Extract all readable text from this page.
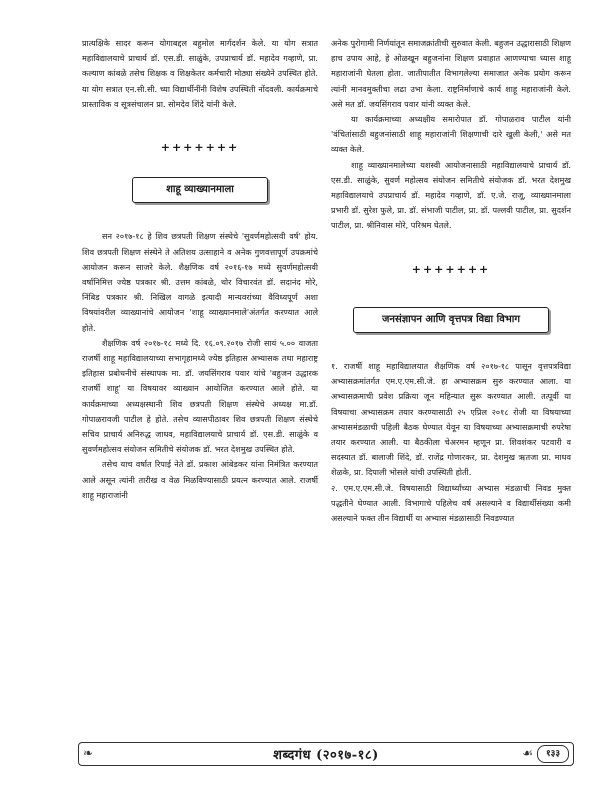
प्रात्यक्षिके सादर करून योगाबद्दल बहुमोल मार्गदर्शन केले. या योग सत्रात महाविद्यालयाचे प्राचार्य डॉ. एस.डी. साळुंके, उपप्राचार्य डॉ. महादेव गव्हाणे, प्रा. कल्याण कांबळे तसेच शिक्षक व शिक्षकेतर कर्मचारी मोठ्या संख्येने उपस्थित होते. या योग सत्रात एन.सी.सी. च्या विद्यार्थीनींनी विशेष उपस्थिती नोंदवली. कार्यक्रमाचे प्रास्ताविक व सूत्रसंचालन प्रा. सोमदेव शिंदे यांनी केले.

+++++++
शाहू व्याख्यानमाला

सन २०१७-१८ हे शिव छत्रपती शिक्षण संस्थेचे 'सुवर्णमहोत्सवी वर्ष' होय. शिव छत्रपती शिक्षण संस्थेने ते अतिशय उत्साहाने व अनेक गुणवत्तापूर्ण उपक्रमांचे आयोजन करून साजरे केले. शैक्षणिक वर्ष २०१६-१७ मध्ये सुवर्णमहोत्सवी वर्षानिमित्त ज्येष्ठ पत्रकार श्री. उत्तम कांबळे, थोर विचारवंत डॉ. सदानंद मोरे, निंबिड पत्रकार श्री. निखिल वागळे इत्यादी मान्यवरांच्या वैविध्यपूर्ण अशा विषयांवरील व्याख्यानांचे आयोजन 'शाहू व्याख्यानमाले'अंतर्गत करण्यात आले होते.

शैक्षणिक वर्ष २०१७-१८ मध्ये दि. १६.०९.२०१७ रोजी सायं ५.०० वाजता राजर्षी शाहू महाविद्यालयाच्या सभागृहामध्ये ज्येष्ठ इतिहास अभ्यासक तथा महाराष्ट्र इतिहास प्रबोधनीचे संस्थापक मा. डॉ. जयसिंगराव पवार यांचे 'बहुजन उद्धारक राजर्षी शाहू' या विषयावर व्याख्यान आयोजित करण्यात आले होते. या कार्यक्रमाच्या अध्यक्षस्थानी शिव छत्रपती शिक्षण संस्थेचे अध्यक्ष मा.डॉ. गोपाळरावजी पाटील हे होते. तसेच व्यासपीठावर शिव छत्रपती शिक्षण संस्थेचे सचिव प्राचार्य अनिरुद्ध जाधव, महाविद्यालयाचे प्राचार्य डॉ. एस.डी. साळुंके व सुवर्णमहोत्सव संयोजन समितीचे संयोजक डॉ. भरत देशमुख उपस्थित होते.

तसेच याच वर्षात रिपाई नेते डॉ. प्रकाश आंबेडकर यांना निमंत्रित करण्यात आले असून त्यांनी तारीख व वेळ मिळविण्यासाठी प्रयत्न करण्यात आले. राजर्षी शाहू महाराजांनी

अनेक पुरोगामी निर्णयांतून समाजक्रांतीची सुरुवात केली. बहुजन उद्धारासाठी शिक्षण हाच उपाय आहे, हे ओळखून बहुजनांना शिक्षण प्रवाहात आणण्याचा ध्यास शाहू महाराजांनी घेतला होता. जातीपातीत विभागलेल्या समाजात अनेक प्रयोग करून त्यांनी मानवमुक्तीचा लढा उभा केला. राष्ट्रनिर्माणाचे कार्य शाहू महाराजांनी केले. असे मत डॉ. जयसिंगराव पवार यांनी व्यक्त केले.

या कार्यक्रमाच्या अध्यक्षीय समारोपात डॉ. गोपाळराव पाटील यांनी 'वंचितांसाठी बहुजनांसाठी शाहू महाराजांनी शिक्षणाची दारे खुली केली,' असे मत व्यक्त केले.

शाहू व्याख्यानमालेच्या यशस्वी आयोजनासाठी महाविद्यालयाचे प्राचार्य डॉ. एस.डी. साळुंके, सुवर्ण महोत्सव संयोजन समितीचे संयोजक डॉ. भरत देशमुख महाविद्यालयाचे उपप्राचार्य डॉ. महादेव गव्हाणे, डॉ. ए.जे. राजू, व्याख्यानमाला प्रभारी डॉ. सुरेश फुले, प्रा. डॉ. संभाजी पाटील, प्रा. डॉ. पल्लवी पाटील, प्रा. सुदर्शन पाटील, प्रा. श्रीनिवास मोरे, परिश्रम घेतले.

+++++++
जनसंज्ञापन आणि वृत्तपत्र विद्या विभाग

१. राजर्षी शाहू महाविद्यालयात शैक्षणिक वर्ष २०१७-१८ पासून वृत्तपत्रविद्या अभ्यासक्रमांतर्गत एम.ए.एम.सी.जे. हा अभ्यासक्रम सुरु करण्यात आला. या अभ्यासक्रमाची प्रवेश प्रक्रिया जून महिन्यात सुरू करण्यात आली. तत्पूर्वी या विषयाचा अभ्यासक्रम तयार करण्यासाठी २५ एप्रिल २०१८ रोजी या विषयाच्या अभ्यासमंडळाची पहिली बैठक घेण्यात येवून या विषयाच्या अभ्यासक्रमाची रुपरेषा तयार करण्यात आली. या बैठकीला चेअरमन म्हणून प्रा. शिवशंकर पटवारी व सदस्यात डॉ. बालाजी शिंदे, डॉ. राजेंद्र गोणारकर, प्रा. देशमुख ऋतजा प्रा. माधव शेळके, प्रा. दिपाली भोसले यांची उपस्थिती होती.

२. एम.ए.एम.सी.जे. विषयासाठी विद्यार्थ्यांच्या अभ्यास मंडळाची निवड मुक्त पद्धतीने घेण्यात आली. विभागाचे पहिलेच वर्ष असल्याने व विद्यार्थीसंख्या कमी असल्याने फक्त तीन विद्यार्थी या अभ्यास मंडळासाठी निवडण्यात

❧	शब्दगंध (२०१७-१८)	☙	१३३
